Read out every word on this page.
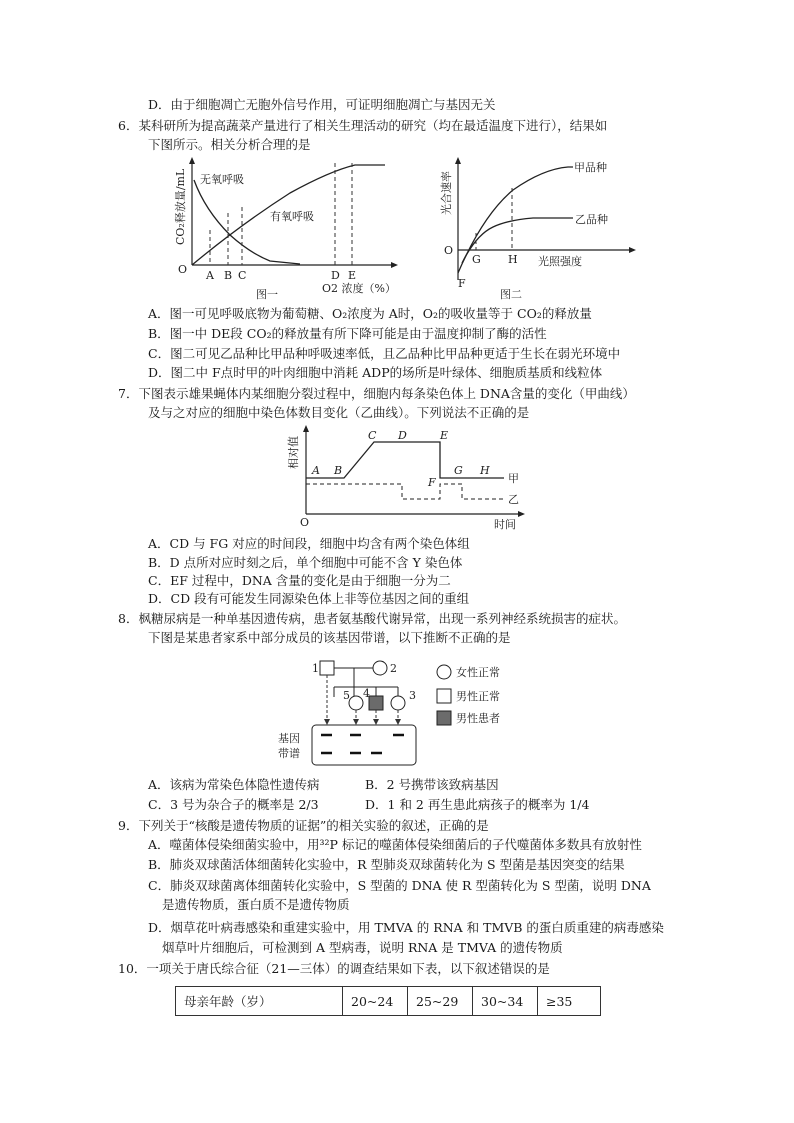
D．由于细胞凋亡无胞外信号作用，可证明细胞凋亡与基因无关
6．某科研所为提高蔬菜产量进行了相关生理活动的研究（均在最适温度下进行），结果如
下图所示。相关分析合理的是
CO₂释放量/mL 无氧呼吸
有氧呼吸
O A B C	D E
O2 浓度（%）
图一
光合速率
甲品种
乙品种
O
F
G H 光照强度
图二
A．图一可见呼吸底物为葡萄糖、O₂浓度为 A时，O₂的吸收量等于 CO₂的释放量
B．图一中 DE段 CO₂的释放量有所下降可能是由于温度抑制了酶的活性
C．图二可见乙品种比甲品种呼吸速率低，且乙品种比甲品种更适于生长在弱光环境中
D．图二中 F点时甲的叶肉细胞中消耗 ADP的场所是叶绿体、细胞质基质和线粒体
7．下图表示雄果蝇体内某细胞分裂过程中，细胞内每条染色体上 DNA含量的变化（甲曲线）
及与之对应的细胞中染色体数目变化（乙曲线）。下列说法不正确的是
相对值
O	时间
A B
C D	E
F
G H
甲
乙
A．CD 与 FG 对应的时间段，细胞中均含有两个染色体组
B．D 点所对应时刻之后，单个细胞中可能不含 Y 染色体
C．EF 过程中，DNA 含量的变化是由于细胞一分为二
D．CD 段有可能发生同源染色体上非等位基因之间的重组
8．枫糖尿病是一种单基因遗传病，患者氨基酸代谢异常，出现一系列神经系统损害的症状。
下图是某患者家系中部分成员的该基因带谱，以下推断不正确的是
1	2
3
4
5
基因
带谱
女性正常
男性正常
男性患者
A．该病为常染色体隐性遗传病	B．2 号携带该致病基因
C．3 号为杂合子的概率是 2/3	D．1 和 2 再生患此病孩子的概率为 1/4
9．下列关于“核酸是遗传物质的证据”的相关实验的叙述，正确的是
A．噬菌体侵染细菌实验中，用³²P 标记的噬菌体侵染细菌后的子代噬菌体多数具有放射性
B．肺炎双球菌活体细菌转化实验中，R 型肺炎双球菌转化为 S 型菌是基因突变的结果
C．肺炎双球菌离体细菌转化实验中，S 型菌的 DNA 使 R 型菌转化为 S 型菌，说明 DNA
是遗传物质，蛋白质不是遗传物质
D．烟草花叶病毒感染和重建实验中，用 TMVA 的 RNA 和 TMVB 的蛋白质重建的病毒感染
烟草叶片细胞后，可检测到 A 型病毒，说明 RNA 是 TMVA 的遗传物质
10．一项关于唐氏综合征（21—三体）的调查结果如下表，以下叙述错误的是
母亲年龄（岁）	20~24	25~29	30~34	≥35
